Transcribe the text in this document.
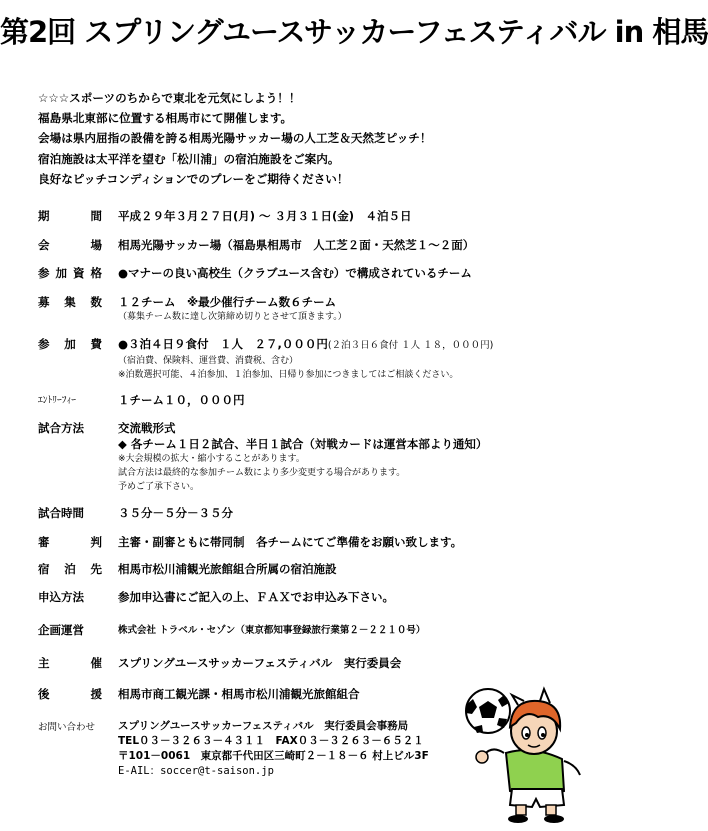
第2回 スプリングユースサッカーフェスティバル in 相馬
☆☆☆スポーツのちからで東北を元気にしよう！！
福島県北東部に位置する相馬市にて開催します。
会場は県内屈指の設備を誇る相馬光陽サッカー場の人工芝＆天然芝ピッチ！
宿泊施設は太平洋を望む「松川浦」の宿泊施設をご案内。
良好なピッチコンディションでのプレーをご期待ください！
期　間 平成２９年３月２７日(月) ～ ３月３１日(金)　４泊５日
会　場 相馬光陽サッカー場（福島県相馬市　人工芝２面・天然芝１～２面）
参加資格 ●マナーの良い高校生（クラブユース含む）で構成されているチーム
募集数 １２チーム　※最少催行チーム数６チーム
（募集チーム数に達し次第締め切りとさせて頂きます。）
参加費 ●３泊４日９食付　１人　２７,０００円(２泊３日６食付 １人 １８，０００円)
（宿泊費、保険料、運営費、消費税、含む）
※泊数選択可能、４泊参加、１泊参加、日帰り参加につきましてはご相談ください。
ｴﾝﾄﾘｰﾌｨｰ	１チーム１０，０００円
試合方法	交流戦形式
◆ 各チーム１日２試合、半日１試合（対戦カードは運営本部より通知）
※大会規模の拡大・縮小することがあります。
試合方法は最終的な参加チーム数により多少変更する場合があります。
予めご了承下さい。
試合時間	３５分－５分－３５分
審　判 主審・副審ともに帯同制　各チームにてご準備をお願い致します。
宿泊先 相馬市松川浦観光旅館組合所属の宿泊施設
申込方法	参加申込書にご記入の上、ＦＡＸでお申込み下さい。
企画運営	株式会社 トラベル・セゾン（東京都知事登録旅行業第２－２２１０号）
主　催 スプリングユースサッカーフェスティバル　実行委員会
後　援 相馬市商工観光課・相馬市松川浦観光旅館組合
お問い合わせ スプリングユースサッカーフェスティバル　実行委員会事務局
TEL０３－３２６３－４３１１　FAX０３－３２６３－６５２１
〒101－0061　東京都千代田区三崎町２－１８－６ 村上ビル3F
E-AIL：soccer@t-saison.jp
